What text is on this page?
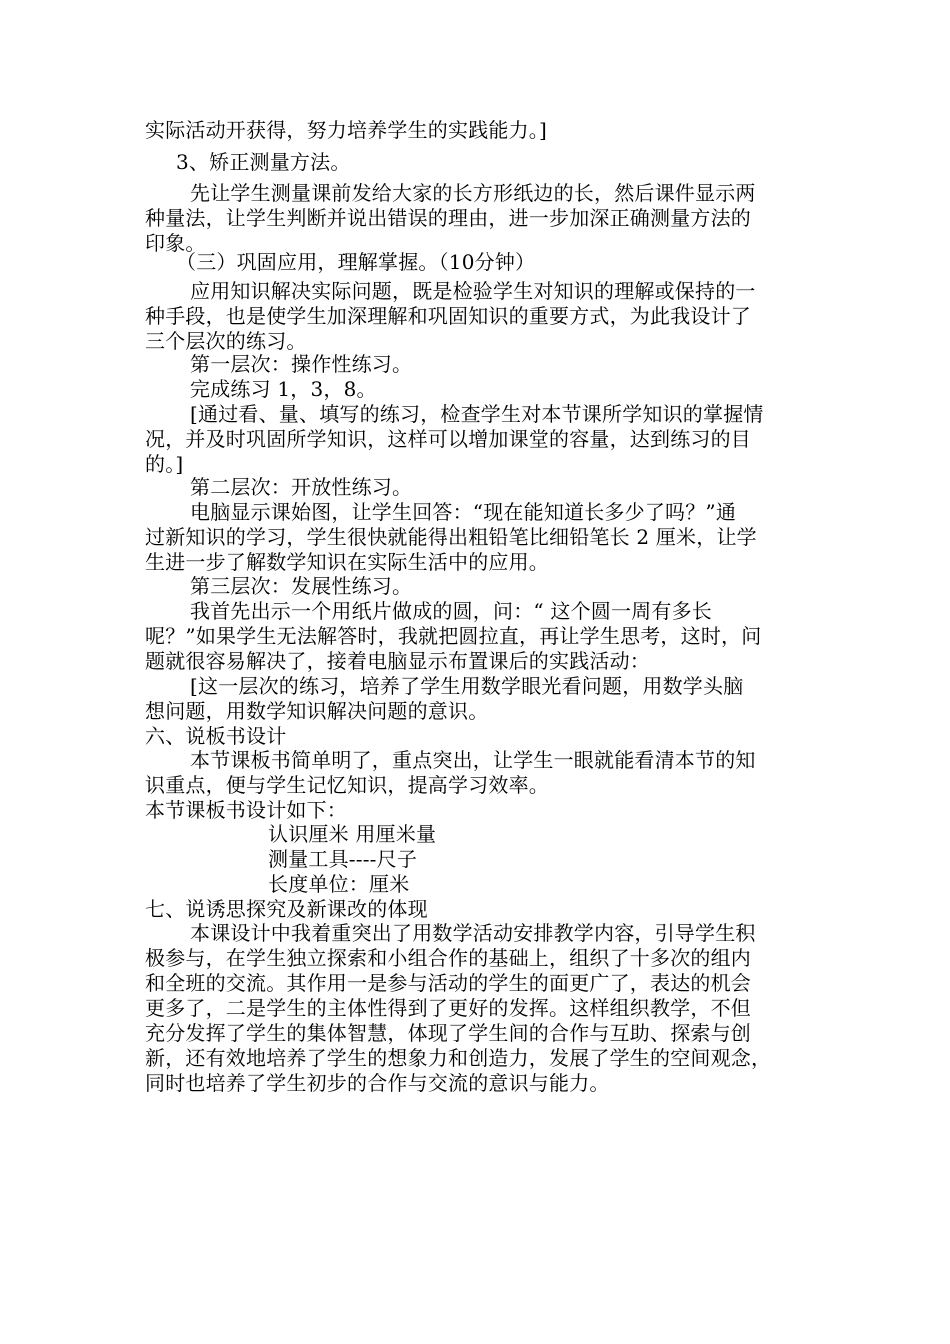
实际活动开获得，努力培养学生的实践能力。]
3、矫正测量方法。
先让学生测量课前发给大家的长方形纸边的长，然后课件显示两
种量法，让学生判断并说出错误的理由，进一步加深正确测量方法的
印象。
（三）巩固应用，理解掌握。（10分钟）
应用知识解决实际问题，既是检验学生对知识的理解或保持的一
种手段，也是使学生加深理解和巩固知识的重要方式，为此我设计了
三个层次的练习。
第一层次：操作性练习。
完成练习 1，3，8。
[通过看、量、填写的练习，检查学生对本节课所学知识的掌握情
况，并及时巩固所学知识，这样可以增加课堂的容量，达到练习的目
的。]
第二层次：开放性练习。
电脑显示课始图，让学生回答：“现在能知道长多少了吗？”通
过新知识的学习，学生很快就能得出粗铅笔比细铅笔长 2 厘米，让学
生进一步了解数学知识在实际生活中的应用。
第三层次：发展性练习。
我首先出示一个用纸片做成的圆，问：“ 这个圆一周有多长
呢？”如果学生无法解答时，我就把圆拉直，再让学生思考，这时，问
题就很容易解决了，接着电脑显示布置课后的实践活动：
[这一层次的练习，培养了学生用数学眼光看问题，用数学头脑
想问题，用数学知识解决问题的意识。
六、说板书设计
本节课板书简单明了，重点突出，让学生一眼就能看清本节的知
识重点，便与学生记忆知识，提高学习效率。
本节课板书设计如下：
认识厘米 用厘米量
测量工具----尺子
长度单位：厘米
七、说诱思探究及新课改的体现
本课设计中我着重突出了用数学活动安排教学内容，引导学生积
极参与，在学生独立探索和小组合作的基础上，组织了十多次的组内
和全班的交流。其作用一是参与活动的学生的面更广了，表达的机会
更多了，二是学生的主体性得到了更好的发挥。这样组织教学，不但
充分发挥了学生的集体智慧，体现了学生间的合作与互助、探索与创
新，还有效地培养了学生的想象力和创造力，发展了学生的空间观念，
同时也培养了学生初步的合作与交流的意识与能力。
